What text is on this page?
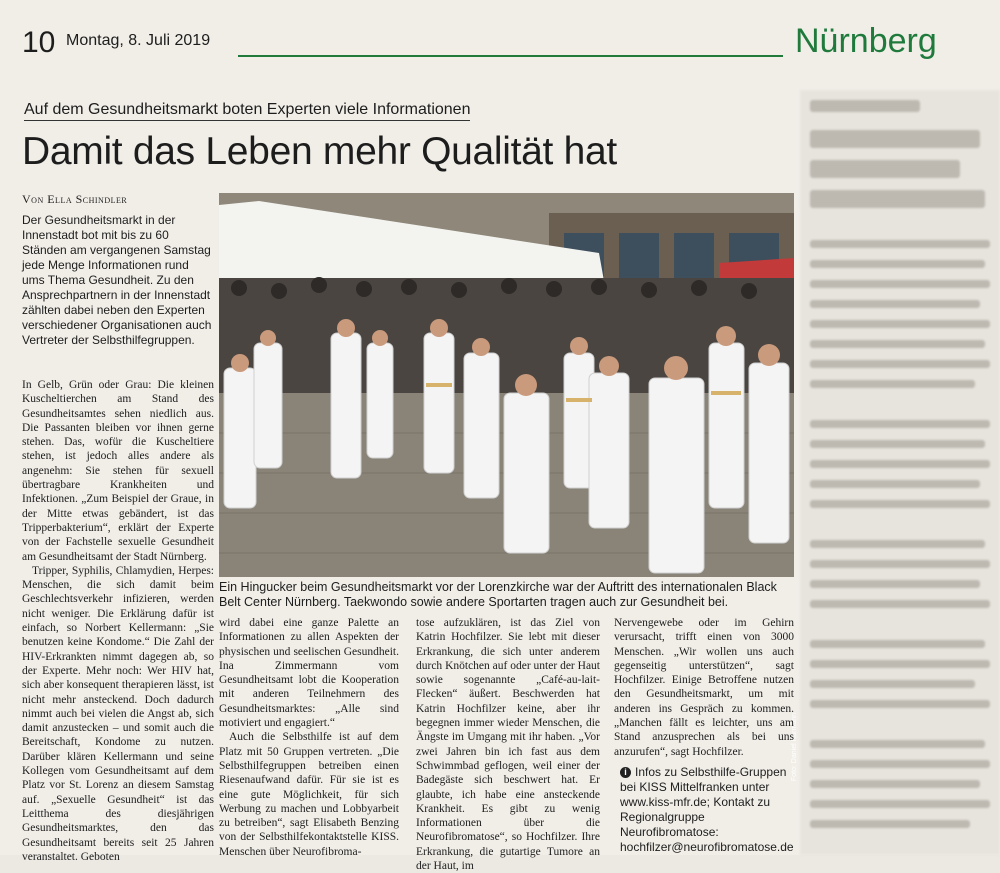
10 Montag, 8. Juli 2019	Nürnberg
Auf dem Gesundheitsmarkt boten Experten viele Informationen
Damit das Leben mehr Qualität hat
Von Ella Schindler
Der Gesundheitsmarkt in der Innenstadt bot mit bis zu 60 Ständen am vergangenen Samstag jede Menge Informationen rund ums Thema Gesundheit. Zu den Ansprechpartnern in der Innenstadt zählten dabei neben den Experten verschiedener Organisationen auch Vertreter der Selbsthilfegruppen.

In Gelb, Grün oder Grau: Die kleinen Kuscheltierchen am Stand des Gesundheitsamtes sehen niedlich aus. Die Passanten bleiben vor ihnen gerne stehen. Das, wofür die Kuscheltiere stehen, ist jedoch alles andere als angenehm: Sie stehen für sexuell übertragbare Krankheiten und Infektionen. „Zum Beispiel der Graue, in der Mitte etwas gebändert, ist das Tripperbakterium“, erklärt der Experte von der Fachstelle sexuelle Gesundheit am Gesundheitsamt der Stadt Nürnberg.

Tripper, Syphilis, Chlamydien, Herpes: Menschen, die sich damit beim Geschlechtsverkehr infizieren, werden nicht weniger. Die Erklärung dafür ist einfach, so Norbert Kellermann: „Sie benutzen keine Kondome.“ Die Zahl der HIV-Erkrankten nimmt dagegen ab, so der Experte. Mehr noch: Wer HIV hat, sich aber konsequent therapieren lässt, ist nicht mehr ansteckend. Doch dadurch nimmt auch bei vielen die Angst ab, sich damit anzustecken – und somit auch die Bereitschaft, Kondome zu nutzen. Darüber klären Kellermann und seine Kollegen vom Gesundheitsamt auf dem Platz vor St. Lorenz an diesem Samstag auf. „Sexuelle Gesundheit“ ist das Leitthema des diesjährigen Gesundheitsmarktes, den das Gesundheitsamt bereits seit 25 Jahren veranstaltet. Geboten

Foto: Daniel Karmann
Ein Hingucker beim Gesundheitsmarkt vor der Lorenzkirche war der Auftritt des internationalen Black Belt Center Nürnberg. Taekwondo sowie andere Sportarten tragen auch zur Gesundheit bei.

wird dabei eine ganze Palette an Informationen zu allen Aspekten der physischen und seelischen Gesundheit. Ina Zimmermann vom Gesundheitsamt lobt die Kooperation mit anderen Teilnehmern des Gesundheitsmarktes: „Alle sind motiviert und engagiert.“

Auch die Selbsthilfe ist auf dem Platz mit 50 Gruppen vertreten. „Die Selbsthilfegruppen betreiben einen Riesenaufwand dafür. Für sie ist es eine gute Möglichkeit, für sich Werbung zu machen und Lobbyarbeit zu betreiben“, sagt Elisabeth Benzing von der Selbsthilfekontaktstelle KISS. Menschen über Neurofibroma-

tose aufzuklären, ist das Ziel von Katrin Hochfilzer. Sie lebt mit dieser Erkrankung, die sich unter anderem durch Knötchen auf oder unter der Haut sowie sogenannte „Café-au-lait-Flecken“ äußert. Beschwerden hat Katrin Hochfilzer keine, aber ihr begegnen immer wieder Menschen, die Ängste im Umgang mit ihr haben. „Vor zwei Jahren bin ich fast aus dem Schwimmbad geflogen, weil einer der Badegäste sich beschwert hat. Er glaubte, ich habe eine ansteckende Krankheit. Es gibt zu wenig Informationen über die Neurofibromatose“, so Hochfilzer. Ihre Erkrankung, die gutartige Tumore an der Haut, im

Nervengewebe oder im Gehirn verursacht, trifft einen von 3000 Menschen. „Wir wollen uns auch gegenseitig unterstützen“, sagt Hochfilzer. Einige Betroffene nutzen den Gesundheitsmarkt, um mit anderen ins Gespräch zu kommen. „Manchen fällt es leichter, uns am Stand anzusprechen als bei uns anzurufen“, sagt Hochfilzer.

i Infos zu Selbsthilfe-Gruppen bei KISS Mittelfranken unter www.kiss-mfr.de; Kontakt zu Regionalgruppe Neurofibromatose: hochfilzer@neurofibromatose.de
